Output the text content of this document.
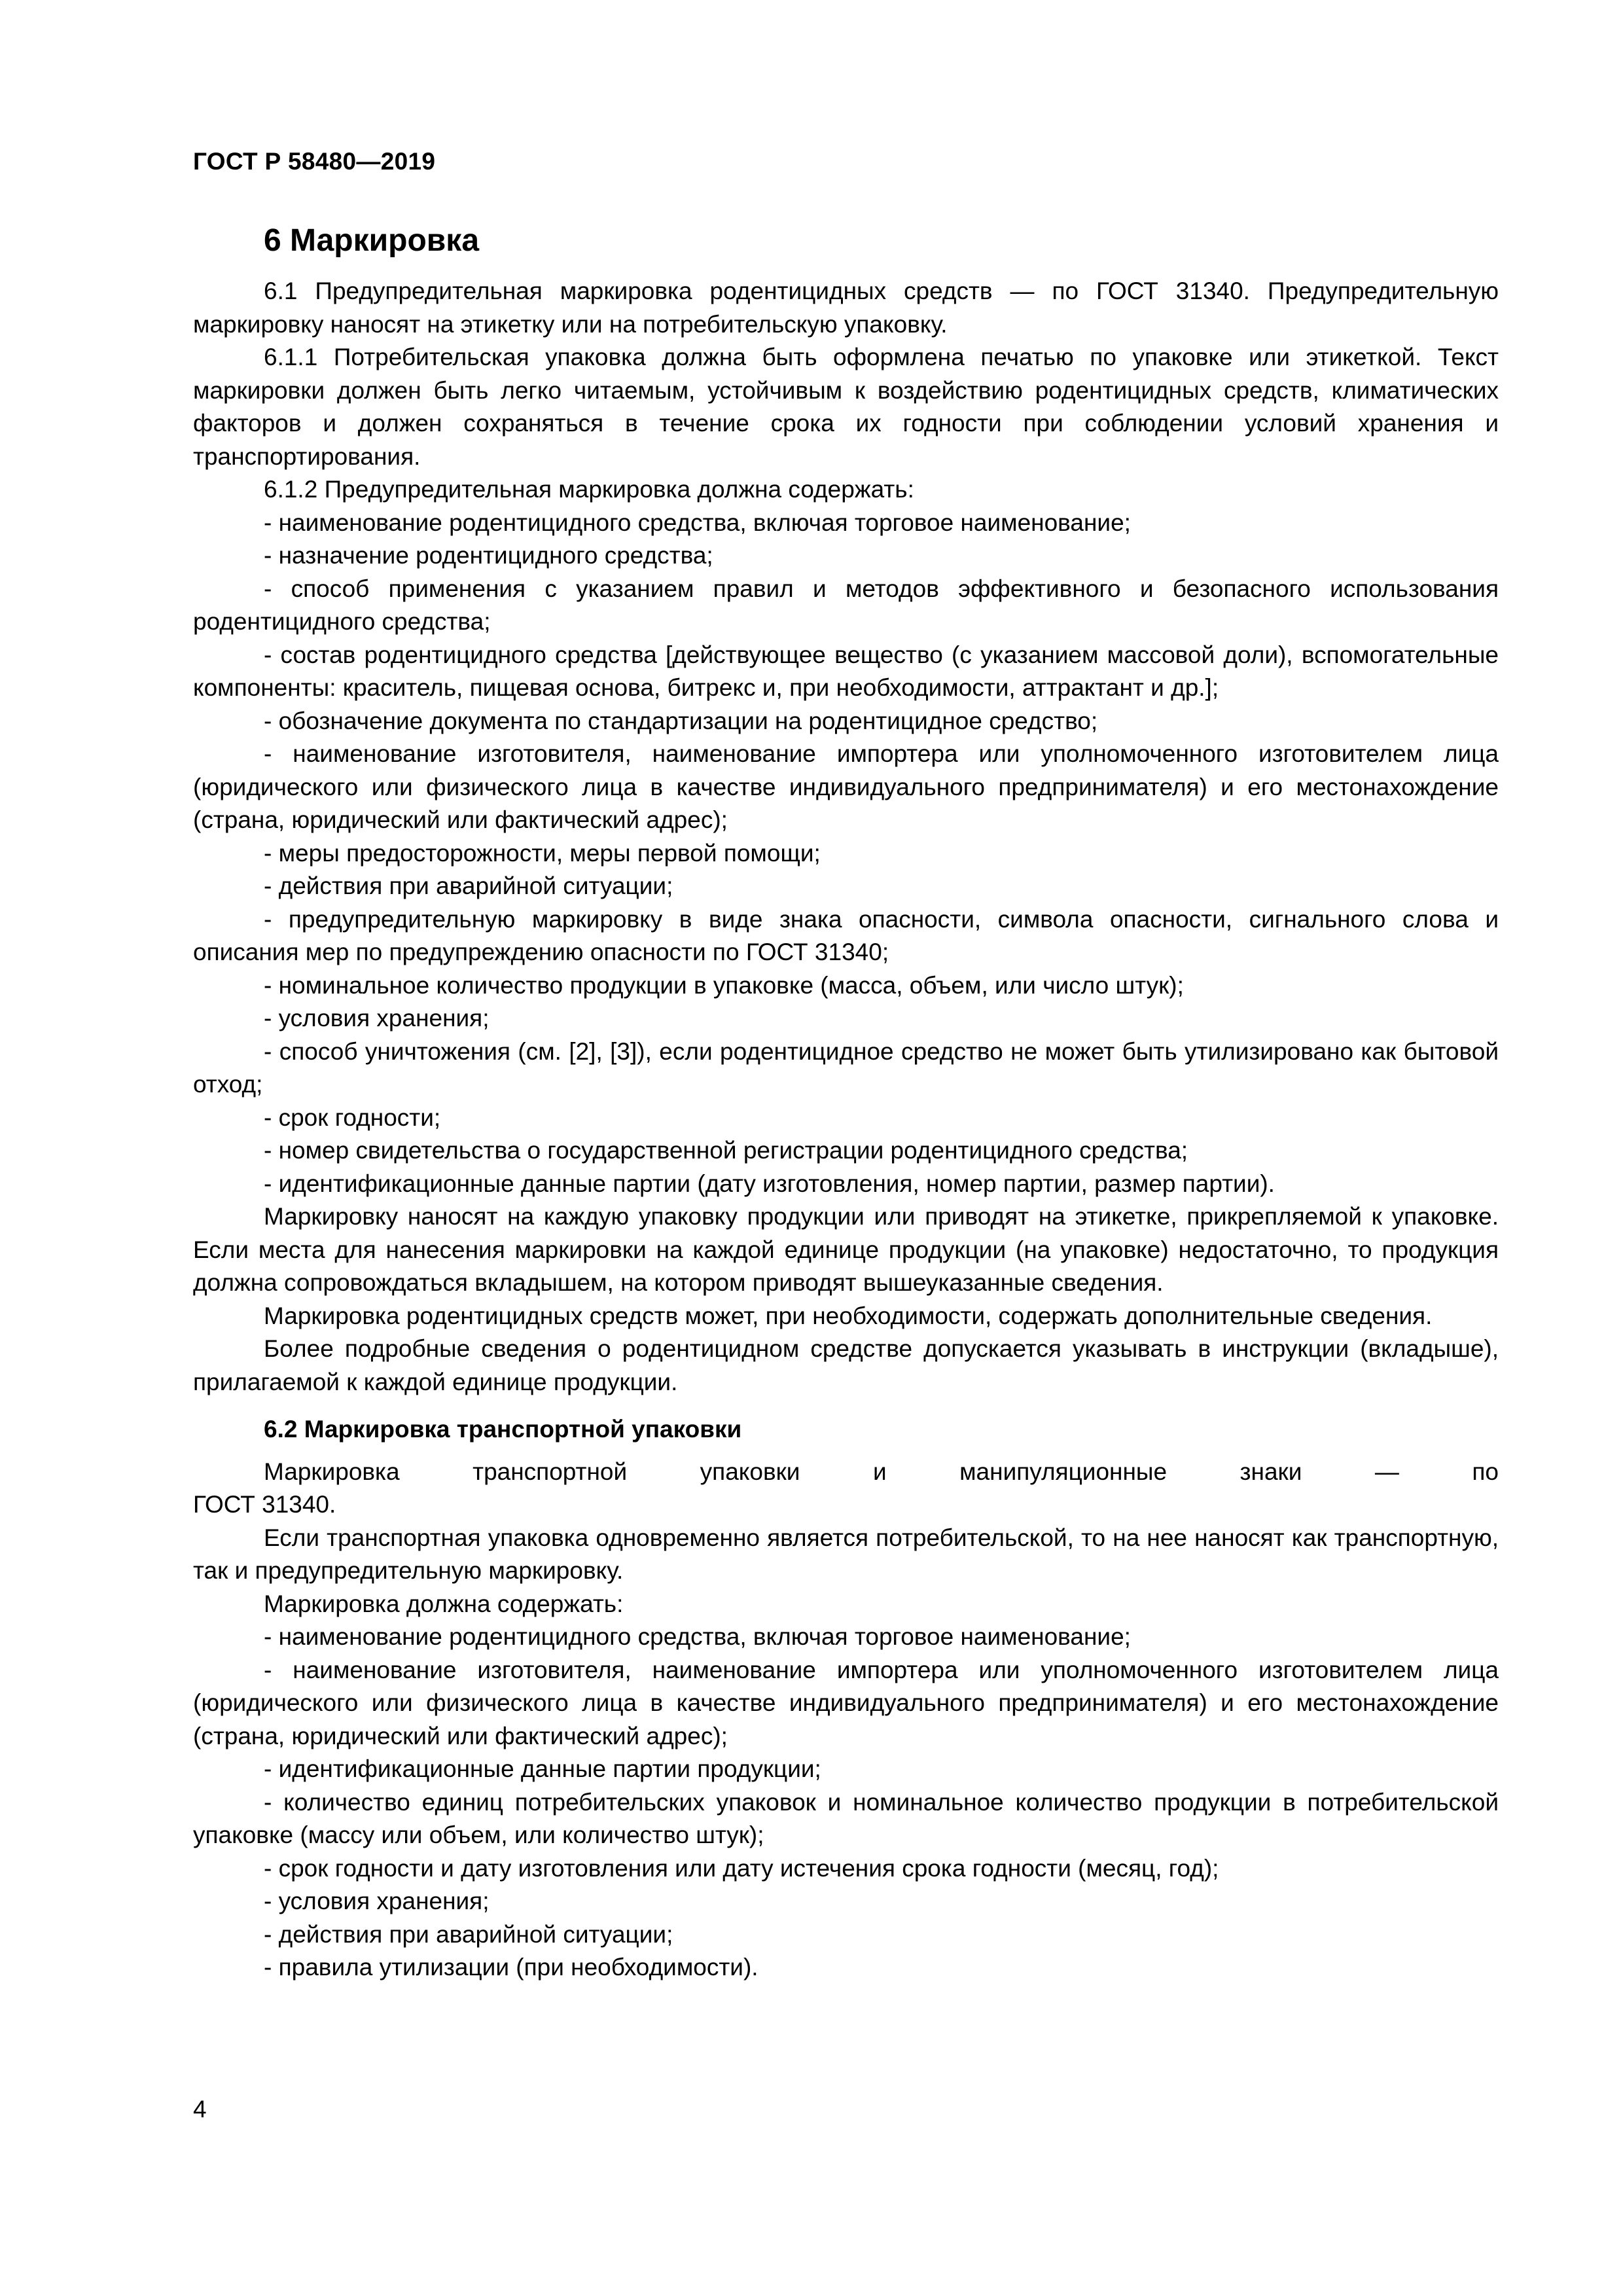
ГОСТ Р 58480—2019
6 Маркировка

6.1 Предупредительная маркировка родентицидных средств — по ГОСТ 31340. Предупредительную маркировку наносят на этикетку или на потребительскую упаковку.

6.1.1 Потребительская упаковка должна быть оформлена печатью по упаковке или этикеткой. Текст маркировки должен быть легко читаемым, устойчивым к воздействию родентицидных средств, климатических факторов и должен сохраняться в течение срока их годности при соблюдении условий хранения и транспортирования.

6.1.2 Предупредительная маркировка должна содержать:

- наименование родентицидного средства, включая торговое наименование;

- назначение родентицидного средства;

- способ применения с указанием правил и методов эффективного и безопасного использования родентицидного средства;

- состав родентицидного средства [действующее вещество (с указанием массовой доли), вспомогательные компоненты: краситель, пищевая основа, битрекс и, при необходимости, аттрактант и др.];

- обозначение документа по стандартизации на родентицидное средство;

- наименование изготовителя, наименование импортера или уполномоченного изготовителем лица (юридического или физического лица в качестве индивидуального предпринимателя) и его местонахождение (страна, юридический или фактический адрес);

- меры предосторожности, меры первой помощи;

- действия при аварийной ситуации;

- предупредительную маркировку в виде знака опасности, символа опасности, сигнального слова и описания мер по предупреждению опасности по ГОСТ 31340;

- номинальное количество продукции в упаковке (масса, объем, или число штук);

- условия хранения;

- способ уничтожения (см. [2], [3]), если родентицидное средство не может быть утилизировано как бытовой отход;

- срок годности;

- номер свидетельства о государственной регистрации родентицидного средства;

- идентификационные данные партии (дату изготовления, номер партии, размер партии).

Маркировку наносят на каждую упаковку продукции или приводят на этикетке, прикрепляемой к упаковке. Если места для нанесения маркировки на каждой единице продукции (на упаковке) недостаточно, то продукция должна сопровождаться вкладышем, на котором приводят вышеуказанные сведения.

Маркировка родентицидных средств может, при необходимости, содержать дополнительные сведения.

Более подробные сведения о родентицидном средстве допускается указывать в инструкции (вкладыше), прилагаемой к каждой единице продукции.

6.2 Маркировка транспортной упаковки

Маркировка транспортной упаковки и манипуляционные знаки — по

ГОСТ 31340.

Если транспортная упаковка одновременно является потребительской, то на нее наносят как транспортную, так и предупредительную маркировку.

Маркировка должна содержать:

- наименование родентицидного средства, включая торговое наименование;

- наименование изготовителя, наименование импортера или уполномоченного изготовителем лица (юридического или физического лица в качестве индивидуального предпринимателя) и его местонахождение (страна, юридический или фактический адрес);

- идентификационные данные партии продукции;

- количество единиц потребительских упаковок и номинальное количество продукции в потребительской упаковке (массу или объем, или количество штук);

- срок годности и дату изготовления или дату истечения срока годности (месяц, год);

- условия хранения;

- действия при аварийной ситуации;

- правила утилизации (при необходимости).

4
